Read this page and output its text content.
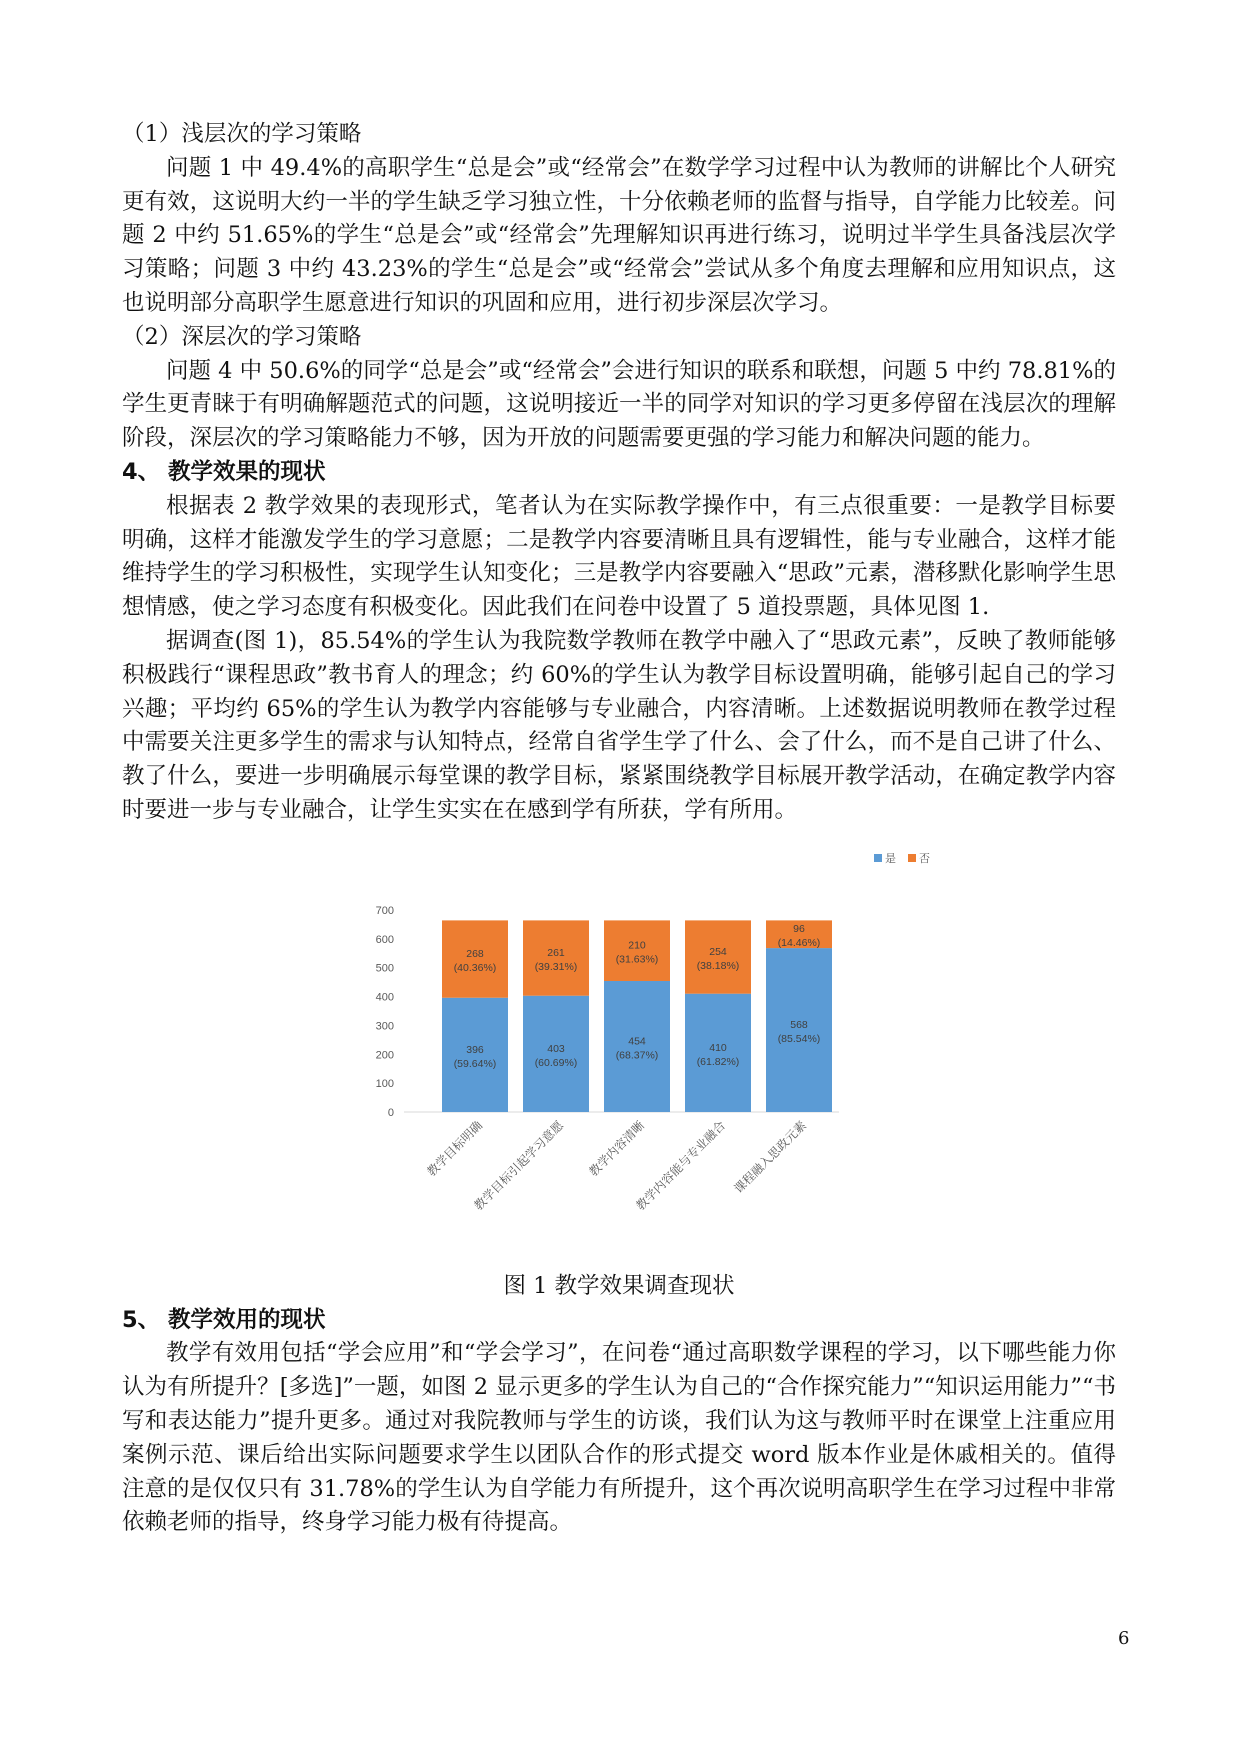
（1）浅层次的学习策略

问题 1 中 49.4%的高职学生“总是会”或“经常会”在数学学习过程中认为教师的讲解比个人研究更有效，这说明大约一半的学生缺乏学习独立性，十分依赖老师的监督与指导，自学能力比较差。问题 2 中约 51.65%的学生“总是会”或“经常会”先理解知识再进行练习，说明过半学生具备浅层次学习策略；问题 3 中约 43.23%的学生“总是会”或“经常会”尝试从多个角度去理解和应用知识点，这也说明部分高职学生愿意进行知识的巩固和应用，进行初步深层次学习。

（2）深层次的学习策略

问题 4 中 50.6%的同学“总是会”或“经常会”会进行知识的联系和联想，问题 5 中约 78.81%的学生更青睐于有明确解题范式的问题，这说明接近一半的同学对知识的学习更多停留在浅层次的理解阶段，深层次的学习策略能力不够，因为开放的问题需要更强的学习能力和解决问题的能力。

4、 教学效果的现状

根据表 2 教学效果的表现形式，笔者认为在实际教学操作中，有三点很重要：一是教学目标要明确，这样才能激发学生的学习意愿；二是教学内容要清晰且具有逻辑性，能与专业融合，这样才能维持学生的学习积极性，实现学生认知变化；三是教学内容要融入“思政”元素，潜移默化影响学生思想情感，使之学习态度有积极变化。因此我们在问卷中设置了 5 道投票题，具体见图 1.

据调查(图 1)，85.54%的学生认为我院数学教师在教学中融入了“思政元素”，反映了教师能够积极践行“课程思政”教书育人的理念；约 60%的学生认为教学目标设置明确，能够引起自己的学习兴趣；平均约 65%的学生认为教学内容能够与专业融合，内容清晰。上述数据说明教师在教学过程中需要关注更多学生的需求与认知特点，经常自省学生学了什么、会了什么，而不是自己讲了什么、教了什么，要进一步明确展示每堂课的教学目标，紧紧围绕教学目标展开教学活动，在确定教学内容时要进一步与专业融合，让学生实实在在感到学有所获，学有所用。

0
100
200
300
400
500
600
700
396
(59.64%)
268
(40.36%)
教学目标明确
403
(60.69%)
261
(39.31%)
教学目标引起学习意愿
454
(68.37%)
210
(31.63%)
教学内容清晰
410
(61.82%)
254
(38.18%)
教学内容能与专业融合
568
(85.54%)
96
(14.46%)
课程融入思政元素
是 否

图 1 教学效果调查现状

5、 教学效用的现状

教学有效用包括“学会应用”和“学会学习”，在问卷“通过高职数学课程的学习，以下哪些能力你认为有所提升？[多选]”一题，如图 2 显示更多的学生认为自己的“合作探究能力”“知识运用能力”“书写和表达能力”提升更多。通过对我院教师与学生的访谈，我们认为这与教师平时在课堂上注重应用案例示范、课后给出实际问题要求学生以团队合作的形式提交 word 版本作业是休戚相关的。值得注意的是仅仅只有 31.78%的学生认为自学能力有所提升，这个再次说明高职学生在学习过程中非常依赖老师的指导，终身学习能力极有待提高。

6
